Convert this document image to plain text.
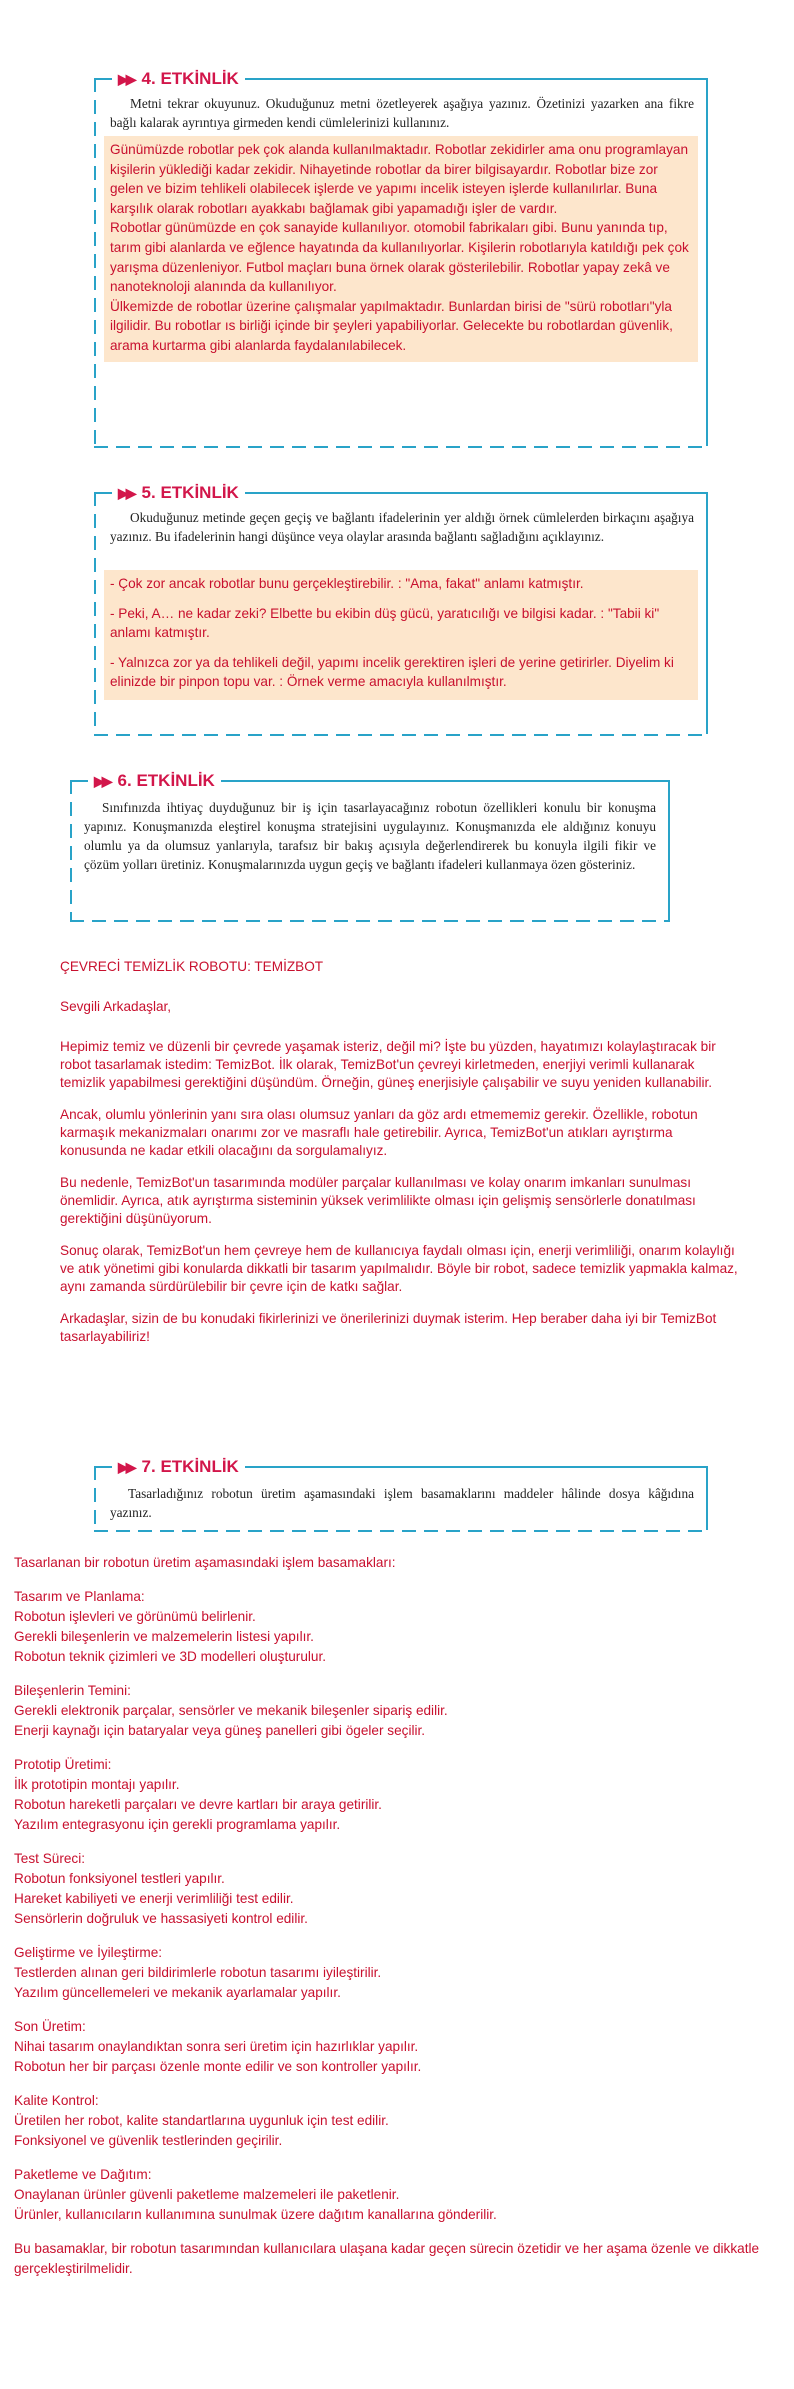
▶▶ 4. ETKİNLİK
Metni tekrar okuyunuz. Okuduğunuz metni özetleyerek aşağıya yazınız. Özetinizi yazarken ana fikre bağlı kalarak ayrıntıya girmeden kendi cümlelerinizi kullanınız.

Günümüzde robotlar pek çok alanda kullanılmaktadır. Robotlar zekidirler ama onu programlayan kişilerin yüklediği kadar zekidir. Nihayetinde robotlar da birer bilgisayardır. Robotlar bize zor gelen ve bizim tehlikeli olabilecek işlerde ve yapımı incelik isteyen işlerde kullanılırlar. Buna karşılık olarak robotları ayakkabı bağlamak gibi yapamadığı işler de vardır.

Robotlar günümüzde en çok sanayide kullanılıyor. otomobil fabrikaları gibi. Bunu yanında tıp, tarım gibi alanlarda ve eğlence hayatında da kullanılıyorlar. Kişilerin robotlarıyla katıldığı pek çok yarışma düzenleniyor. Futbol maçları buna örnek olarak gösterilebilir. Robotlar yapay zekâ ve nanoteknoloji alanında da kullanılıyor.

Ülkemizde de robotlar üzerine çalışmalar yapılmaktadır. Bunlardan birisi de "sürü robotları"yla ilgilidir. Bu robotlar ıs birliği içinde bir şeyleri yapabiliyorlar. Gelecekte bu robotlardan güvenlik, arama kurtarma gibi alanlarda faydalanılabilecek.

▶▶ 5. ETKİNLİK
Okuduğunuz metinde geçen geçiş ve bağlantı ifadelerinin yer aldığı örnek cümlelerden birkaçını aşağıya yazınız. Bu ifadelerinin hangi düşünce veya olaylar arasında bağlantı sağladığını açıklayınız.

- Çok zor ancak robotlar bunu gerçekleştirebilir. : "Ama, fakat" anlamı katmıştır.

- Peki, A… ne kadar zeki? Elbette bu ekibin düş gücü, yaratıcılığı ve bilgisi kadar. : "Tabii ki" anlamı katmıştır.

- Yalnızca zor ya da tehlikeli değil, yapımı incelik gerektiren işleri de yerine getirirler. Diyelim ki elinizde bir pinpon topu var. : Örnek verme amacıyla kullanılmıştır.

▶▶ 6. ETKİNLİK
Sınıfınızda ihtiyaç duyduğunuz bir iş için tasarlayacağınız robotun özellikleri konulu bir konuşma yapınız. Konuşmanızda eleştirel konuşma stratejisini uygulayınız. Konuşmanızda ele aldığınız konuyu olumlu ya da olumsuz yanlarıyla, tarafsız bir bakış açısıyla değerlendirerek bu konuyla ilgili fikir ve çözüm yolları üretiniz. Konuşmalarınızda uygun geçiş ve bağlantı ifadeleri kullanmaya özen gösteriniz.

ÇEVRECİ TEMİZLİK ROBOTU: TEMİZBOT

Sevgili Arkadaşlar,

Hepimiz temiz ve düzenli bir çevrede yaşamak isteriz, değil mi? İşte bu yüzden, hayatımızı kolaylaştıracak bir robot tasarlamak istedim: TemizBot. İlk olarak, TemizBot'un çevreyi kirletmeden, enerjiyi verimli kullanarak temizlik yapabilmesi gerektiğini düşündüm. Örneğin, güneş enerjisiyle çalışabilir ve suyu yeniden kullanabilir.

Ancak, olumlu yönlerinin yanı sıra olası olumsuz yanları da göz ardı etmememiz gerekir. Özellikle, robotun karmaşık mekanizmaları onarımı zor ve masraflı hale getirebilir. Ayrıca, TemizBot'un atıkları ayrıştırma konusunda ne kadar etkili olacağını da sorgulamalıyız.

Bu nedenle, TemizBot'un tasarımında modüler parçalar kullanılması ve kolay onarım imkanları sunulması önemlidir. Ayrıca, atık ayrıştırma sisteminin yüksek verimlilikte olması için gelişmiş sensörlerle donatılması gerektiğini düşünüyorum.

Sonuç olarak, TemizBot'un hem çevreye hem de kullanıcıya faydalı olması için, enerji verimliliği, onarım kolaylığı ve atık yönetimi gibi konularda dikkatli bir tasarım yapılmalıdır. Böyle bir robot, sadece temizlik yapmakla kalmaz, aynı zamanda sürdürülebilir bir çevre için de katkı sağlar.

Arkadaşlar, sizin de bu konudaki fikirlerinizi ve önerilerinizi duymak isterim. Hep beraber daha iyi bir TemizBot tasarlayabiliriz!

▶▶ 7. ETKİNLİK
Tasarladığınız robotun üretim aşamasındaki işlem basamaklarını maddeler hâlinde dosya kâğıdına yazınız.

Tasarlanan bir robotun üretim aşamasındaki işlem basamakları:

Tasarım ve Planlama:

Robotun işlevleri ve görünümü belirlenir.

Gerekli bileşenlerin ve malzemelerin listesi yapılır.

Robotun teknik çizimleri ve 3D modelleri oluşturulur.

Bileşenlerin Temini:

Gerekli elektronik parçalar, sensörler ve mekanik bileşenler sipariş edilir.

Enerji kaynağı için bataryalar veya güneş panelleri gibi ögeler seçilir.

Prototip Üretimi:

İlk prototipin montajı yapılır.

Robotun hareketli parçaları ve devre kartları bir araya getirilir.

Yazılım entegrasyonu için gerekli programlama yapılır.

Test Süreci:

Robotun fonksiyonel testleri yapılır.

Hareket kabiliyeti ve enerji verimliliği test edilir.

Sensörlerin doğruluk ve hassasiyeti kontrol edilir.

Geliştirme ve İyileştirme:

Testlerden alınan geri bildirimlerle robotun tasarımı iyileştirilir.

Yazılım güncellemeleri ve mekanik ayarlamalar yapılır.

Son Üretim:

Nihai tasarım onaylandıktan sonra seri üretim için hazırlıklar yapılır.

Robotun her bir parçası özenle monte edilir ve son kontroller yapılır.

Kalite Kontrol:

Üretilen her robot, kalite standartlarına uygunluk için test edilir.

Fonksiyonel ve güvenlik testlerinden geçirilir.

Paketleme ve Dağıtım:

Onaylanan ürünler güvenli paketleme malzemeleri ile paketlenir.

Ürünler, kullanıcıların kullanımına sunulmak üzere dağıtım kanallarına gönderilir.

Bu basamaklar, bir robotun tasarımından kullanıcılara ulaşana kadar geçen sürecin özetidir ve her aşama özenle ve dikkatle gerçekleştirilmelidir.
